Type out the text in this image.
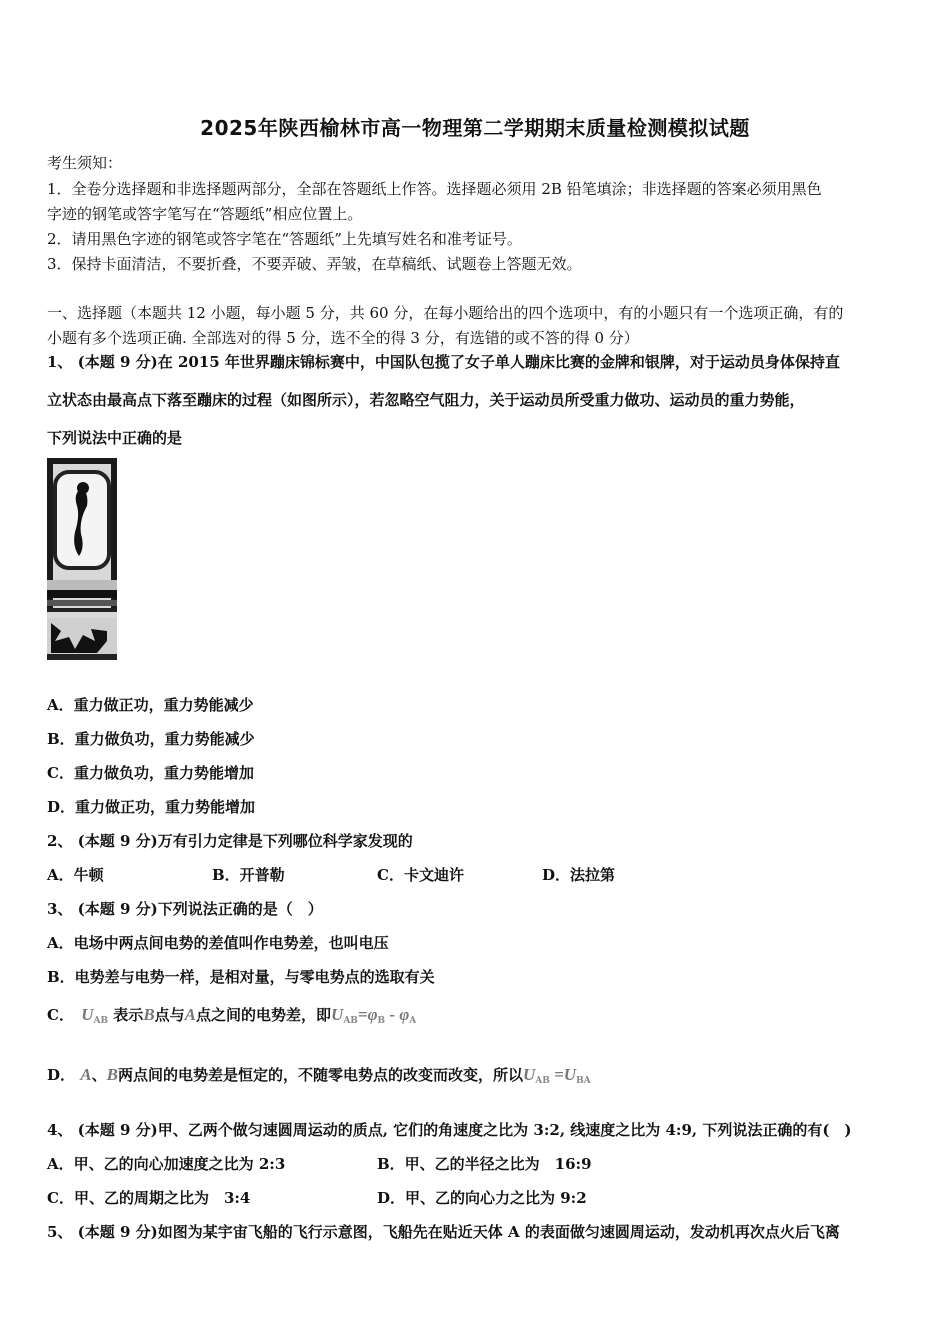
2025年陕西榆林市高一物理第二学期期末质量检测模拟试题
考生须知：
1．全卷分选择题和非选择题两部分，全部在答题纸上作答。选择题必须用 2B 铅笔填涂；非选择题的答案必须用黑色
字迹的钢笔或答字笔写在“答题纸”相应位置上。
2．请用黑色字迹的钢笔或答字笔在“答题纸”上先填写姓名和准考证号。
3．保持卡面清洁，不要折叠，不要弄破、弄皱，在草稿纸、试题卷上答题无效。
一、选择题（本题共 12 小题，每小题 5 分，共 60 分，在每小题给出的四个选项中，有的小题只有一个选项正确，有的
小题有多个选项正确. 全部选对的得 5 分，选不全的得 3 分，有选错的或不答的得 0 分）
1、 (本题 9 分)在 2015 年世界蹦床锦标赛中，中国队包揽了女子单人蹦床比赛的金牌和银牌，对于运动员身体保持直
立状态由最高点下落至蹦床的过程（如图所示），若忽略空气阻力，关于运动员所受重力做功、运动员的重力势能，
下列说法中正确的是
A．重力做正功，重力势能减少
B．重力做负功，重力势能减少
C．重力做负功，重力势能增加
D．重力做正功，重力势能增加
2、 (本题 9 分)万有引力定律是下列哪位科学家发现的
A．牛顿	B．开普勒	C．卡文迪许	D．法拉第
3、 (本题 9 分)下列说法正确的是（　）
A．电场中两点间电势的差值叫作电势差，也叫电压
B．电势差与电势一样，是相对量，与零电势点的选取有关
C． $U_{AB}$ 表示B点与A点之间的电势差，即$U_{AB}=\varphi_B - \varphi_A$
D． A、B两点间的电势差是恒定的，不随零电势点的改变而改变，所以$U_{AB} =U_{BA}$
4、 (本题 9 分)甲、乙两个做匀速圆周运动的质点, 它们的角速度之比为 3:2, 线速度之比为 4:9, 下列说法正确的有(　)
A．甲、乙的向心加速度之比为 2:3	B．甲、乙的半径之比为　16:9
C．甲、乙的周期之比为　3:4	D．甲、乙的向心力之比为 9:2
5、 (本题 9 分)如图为某宇宙飞船的飞行示意图，飞船先在贴近天体 A 的表面做匀速圆周运动，发动机再次点火后飞离
